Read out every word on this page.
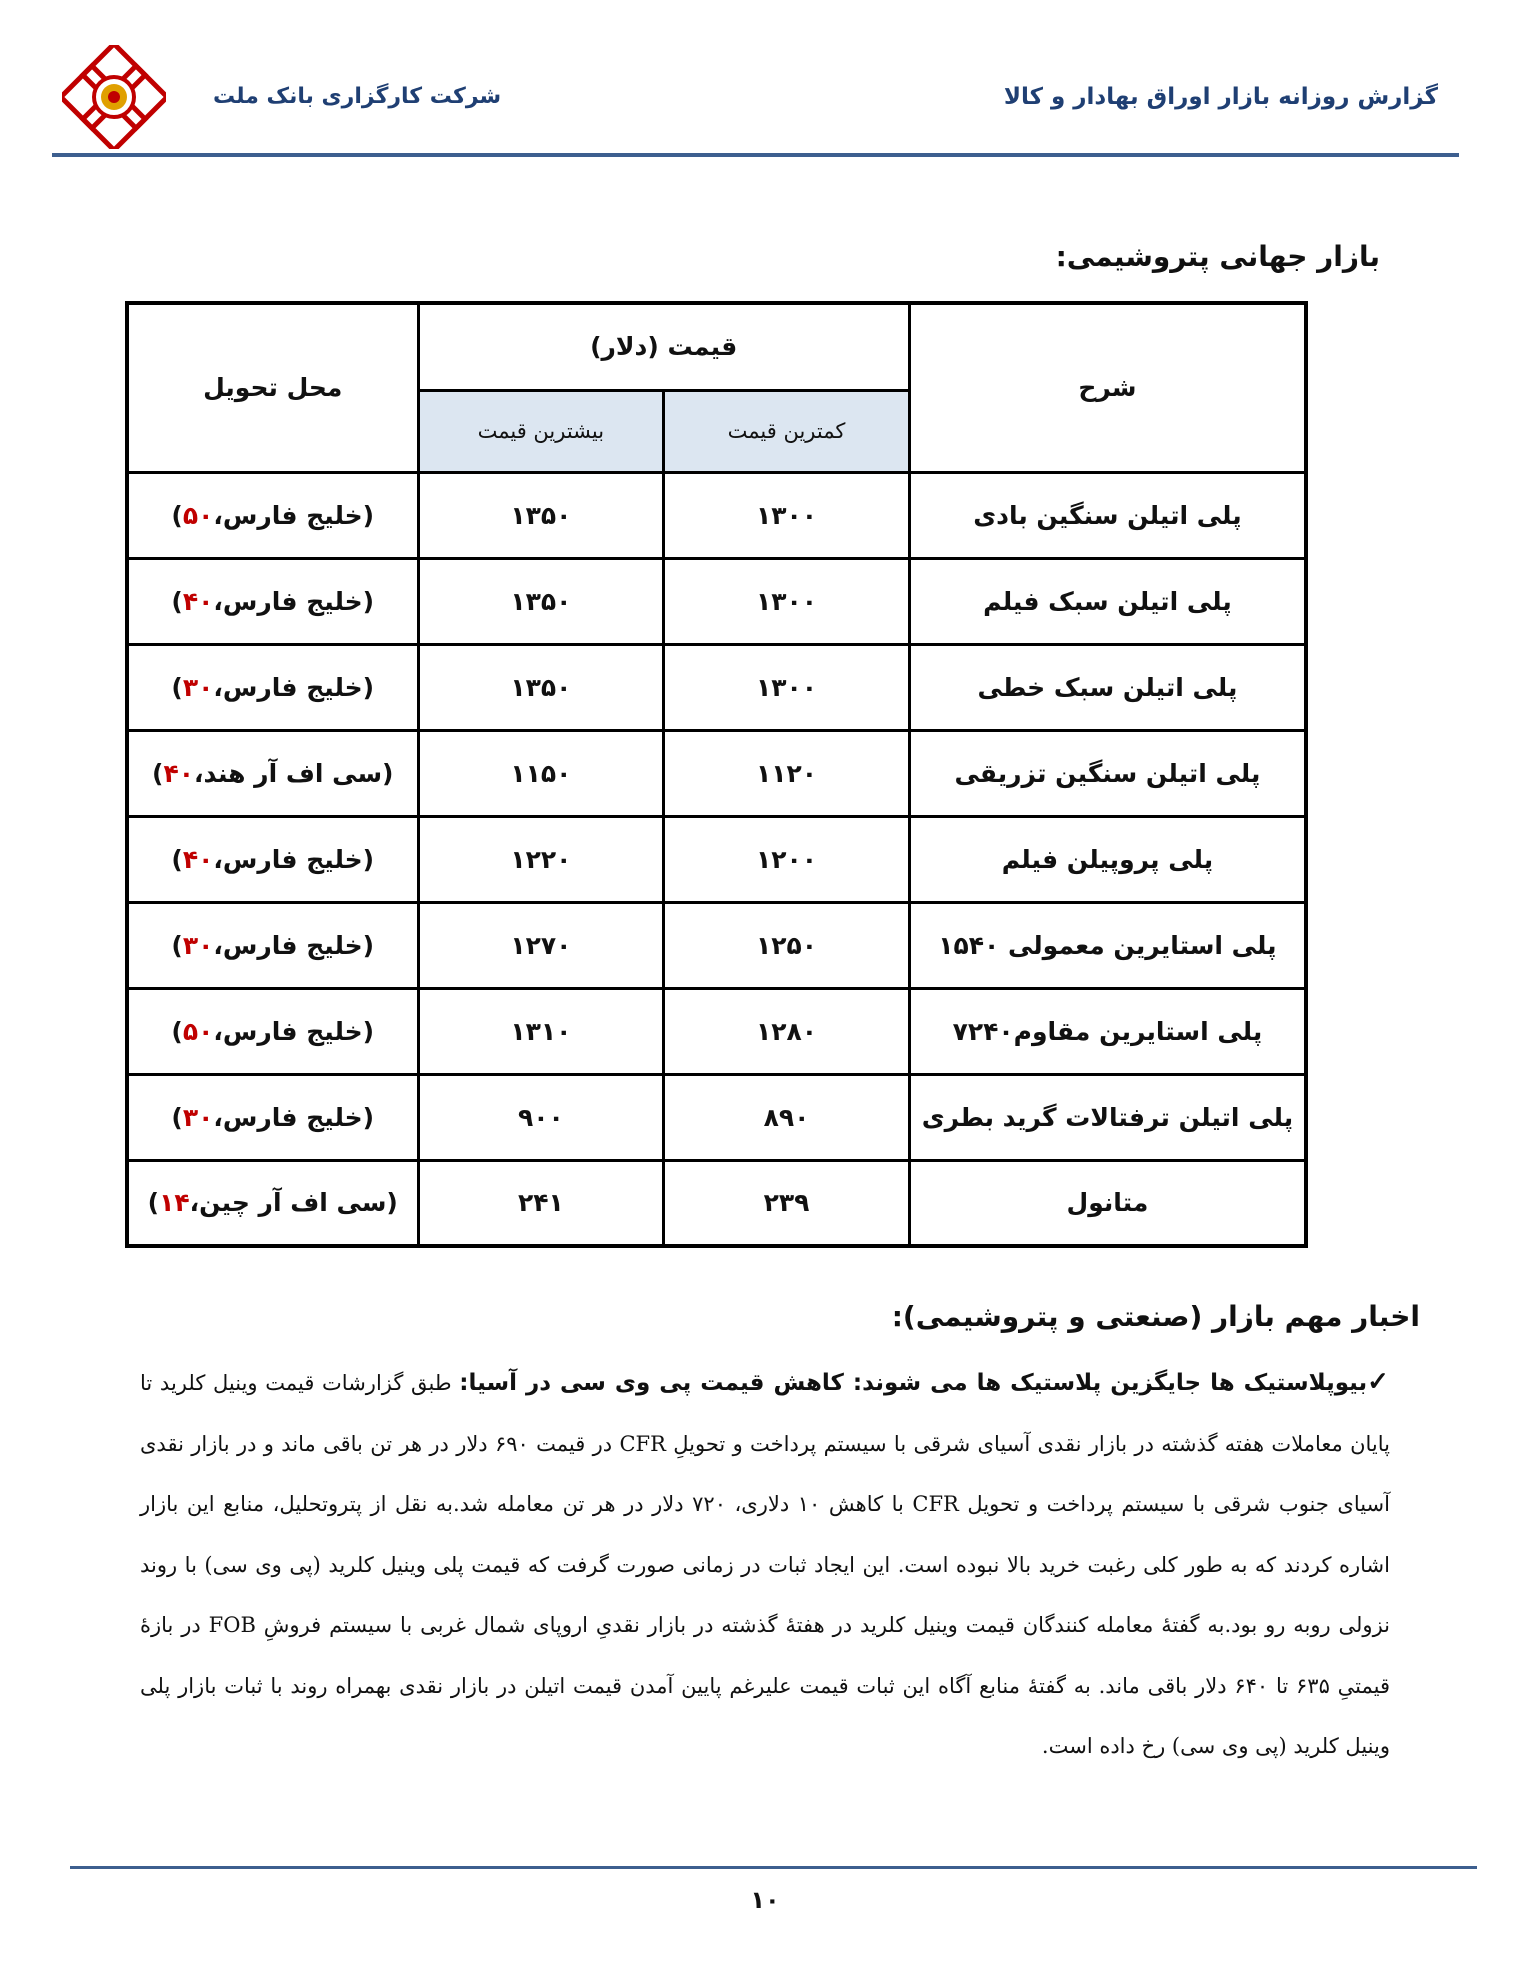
گزارش روزانه بازار اوراق بهادار و کالا
شرکت کارگزاری بانک ملت
بازار جهانی پتروشیمی:
شرح	قیمت (دلار)		محل تحویل
	کمترین قیمت	بیشترین قیمت	
پلی اتیلن سنگین بادی	۱۳۰۰	۱۳۵۰	(خلیج فارس،۵۰)
پلی اتیلن سبک فیلم	۱۳۰۰	۱۳۵۰	(خلیج فارس،۴۰)
پلی اتیلن سبک خطی	۱۳۰۰	۱۳۵۰	(خلیج فارس،۳۰)
پلی اتیلن سنگین تزریقی	۱۱۲۰	۱۱۵۰	(سی اف آر هند،۴۰)
پلی پروپیلن فیلم	۱۲۰۰	۱۲۲۰	(خلیج فارس،۴۰)
پلی استایرین معمولی ۱۵۴۰	۱۲۵۰	۱۲۷۰	(خلیج فارس،۳۰)
پلی استایرین مقاوم۷۲۴۰	۱۲۸۰	۱۳۱۰	(خلیج فارس،۵۰)
پلی اتیلن ترفتالات گرید بطری	۸۹۰	۹۰۰	(خلیج فارس،۳۰)
متانول	۲۳۹	۲۴۱	(سی اف آر چین،۱۴)
اخبار مهم بازار (صنعتی و پتروشیمی):
✓بیوپلاستیک ها جایگزین پلاستیک ها می شوند: کاهش قیمت پی وی سی در آسیا: طبق گزارشات قیمت وینیل کلرید تا پایان معاملات هفته گذشته در بازار نقدی آسیای شرقی با سیستم پرداخت و تحویلِ CFR در قیمت ۶۹۰ دلار در هر تن باقی ماند و در بازار نقدی آسیای جنوب شرقی با سیستم پرداخت و تحویل CFR با کاهش ۱۰ دلاری، ۷۲۰ دلار در هر تن معامله شد.به نقل از پتروتحلیل، منابع این بازار اشاره کردند که به طور کلی رغبت خرید بالا نبوده است. این ایجاد ثبات در زمانی صورت گرفت که قیمت پلی وینیل کلرید (پی وی سی) با روند نزولی روبه رو بود.به گفتهٔ معامله کنندگان قیمت وینیل کلرید در هفتهٔ گذشته در بازار نقدیِ اروپای شمال غربی با سیستم فروشِ FOB در بازهٔ قیمتیِ ۶۳۵ تا ۶۴۰ دلار باقی ماند. به گفتهٔ منابع آگاه این ثبات قیمت علیرغم پایین آمدن قیمت اتیلن در بازار نقدی بهمراه روند با ثبات بازار پلی وینیل کلرید (پی وی سی) رخ داده است.
۱۰
